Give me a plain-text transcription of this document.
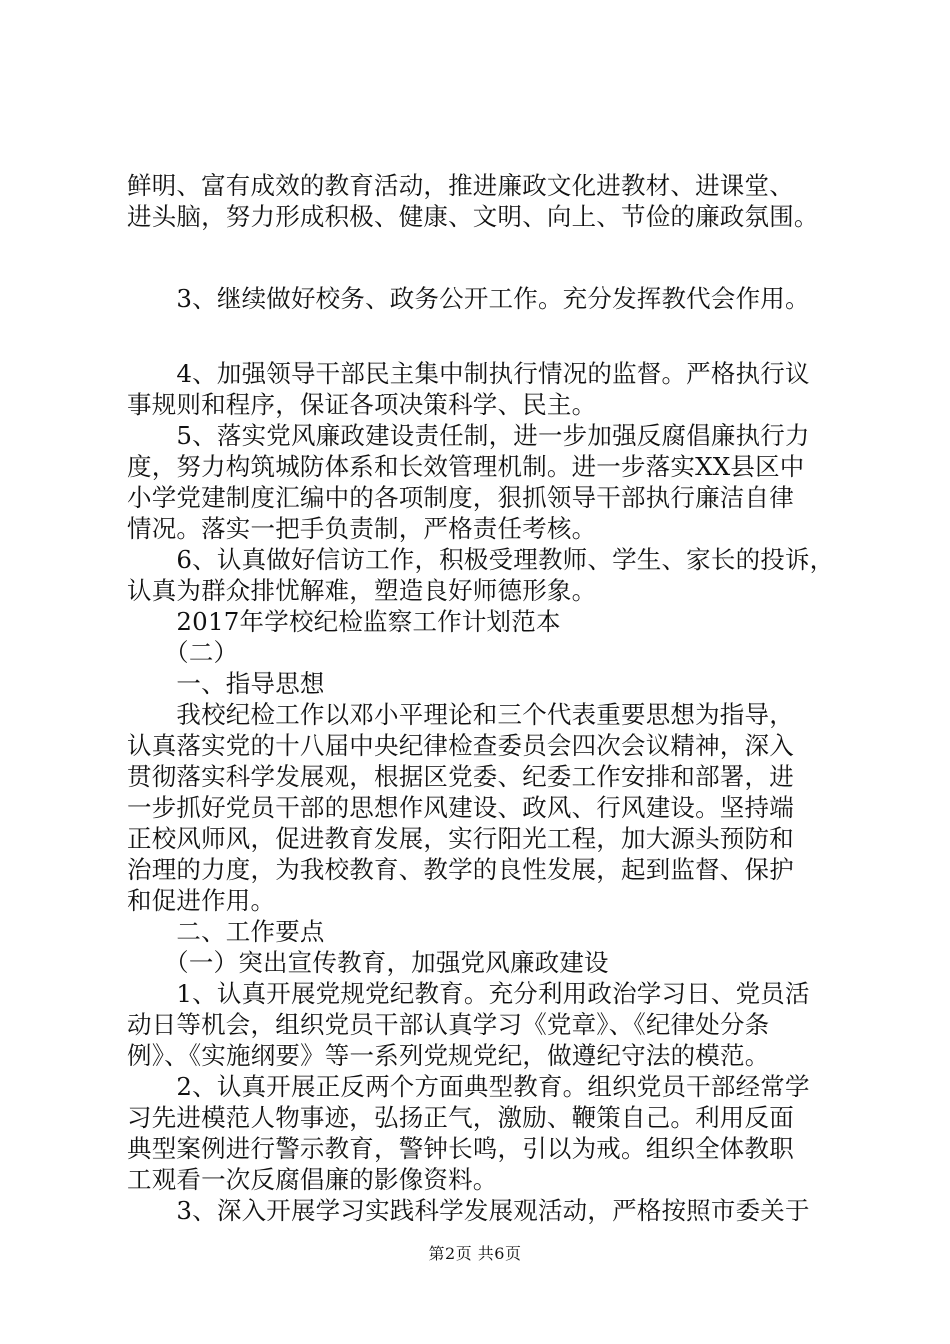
鲜明、富有成效的教育活动，推进廉政文化进教材、进课堂、
进头脑，努力形成积极、健康、文明、向上、节俭的廉政氛围。
　　3、继续做好校务、政务公开工作。充分发挥教代会作用。
　　4、加强领导干部民主集中制执行情况的监督。严格执行议
事规则和程序，保证各项决策科学、民主。
　　5、落实党风廉政建设责任制，进一步加强反腐倡廉执行力
度，努力构筑城防体系和长效管理机制。进一步落实XX县区中
小学党建制度汇编中的各项制度，狠抓领导干部执行廉洁自律
情况。落实一把手负责制，严格责任考核。
　　6、认真做好信访工作，积极受理教师、学生、家长的投诉，
认真为群众排忧解难，塑造良好师德形象。
　　2017年学校纪检监察工作计划范本
　　（二）
　　一、指导思想
　　我校纪检工作以邓小平理论和三个代表重要思想为指导，
认真落实党的十八届中央纪律检查委员会四次会议精神，深入
贯彻落实科学发展观，根据区党委、纪委工作安排和部署，进
一步抓好党员干部的思想作风建设、政风、行风建设。坚持端
正校风师风，促进教育发展，实行阳光工程，加大源头预防和
治理的力度，为我校教育、教学的良性发展，起到监督、保护
和促进作用。
　　二、工作要点
　　（一）突出宣传教育，加强党风廉政建设
　　1、认真开展党规党纪教育。充分利用政治学习日、党员活
动日等机会，组织党员干部认真学习《党章》、《纪律处分条
例》、《实施纲要》等一系列党规党纪，做遵纪守法的模范。
　　2、认真开展正反两个方面典型教育。组织党员干部经常学
习先进模范人物事迹，弘扬正气，激励、鞭策自己。利用反面
典型案例进行警示教育，警钟长鸣，引以为戒。组织全体教职
工观看一次反腐倡廉的影像资料。
　　3、深入开展学习实践科学发展观活动，严格按照市委关于
第2页 共6页
